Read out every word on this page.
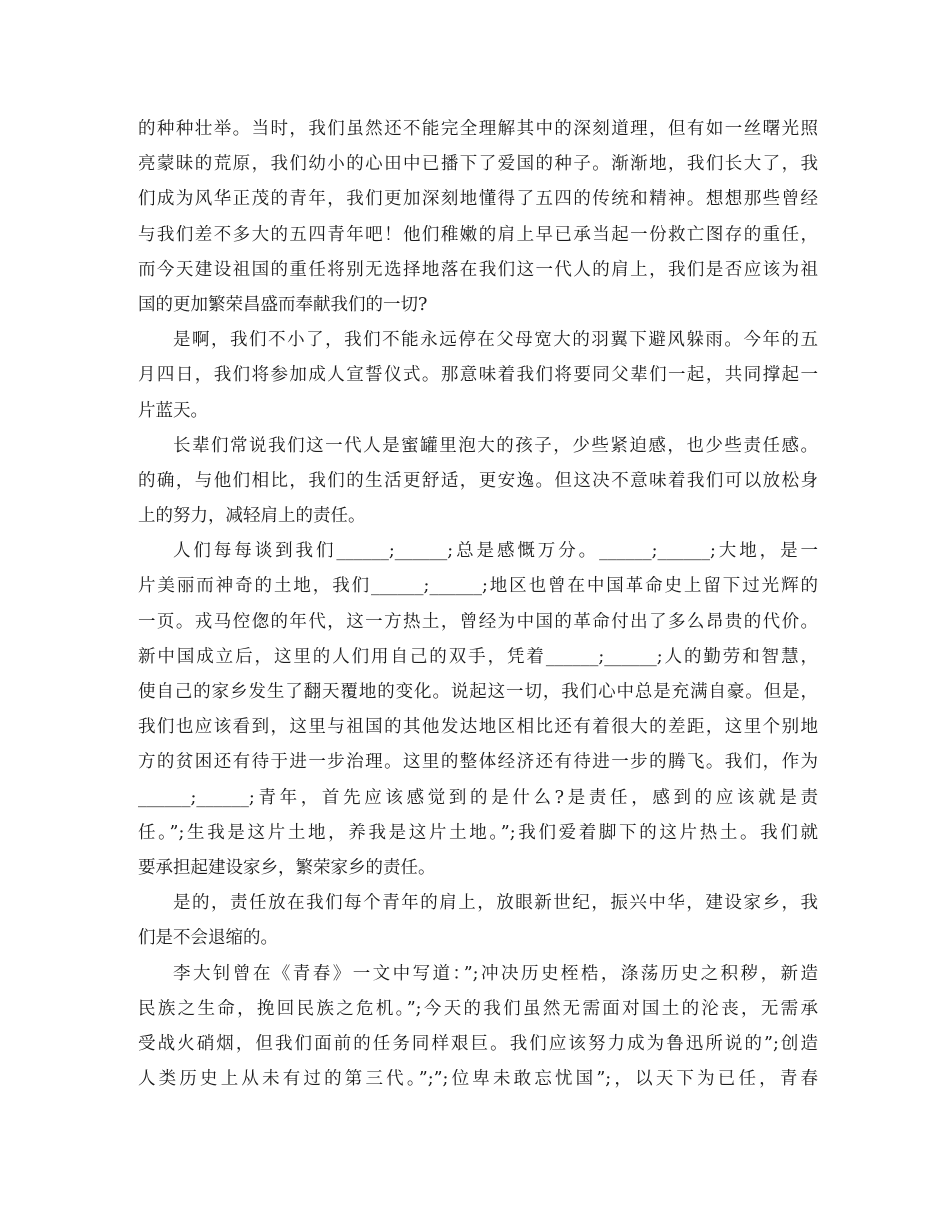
的种种壮举。当时，我们虽然还不能完全理解其中的深刻道理，但有如一丝曙光照
亮蒙昧的荒原，我们幼小的心田中已播下了爱国的种子。渐渐地，我们长大了，我
们成为风华正茂的青年，我们更加深刻地懂得了五四的传统和精神。想想那些曾经
与我们差不多大的五四青年吧！他们稚嫩的肩上早已承当起一份救亡图存的重任，
而今天建设祖国的重任将别无选择地落在我们这一代人的肩上，我们是否应该为祖
国的更加繁荣昌盛而奉献我们的一切?
是啊，我们不小了，我们不能永远停在父母宽大的羽翼下避风躲雨。今年的五
月四日，我们将参加成人宣誓仪式。那意味着我们将要同父辈们一起，共同撑起一
片蓝天。
长辈们常说我们这一代人是蜜罐里泡大的孩子，少些紧迫感，也少些责任感。
的确，与他们相比，我们的生活更舒适，更安逸。但这决不意味着我们可以放松身
上的努力，减轻肩上的责任。
人们每每谈到我们______;______;总是感慨万分。______;______;大地，是一
片美丽而神奇的土地，我们______;______;地区也曾在中国革命史上留下过光辉的
一页。戎马倥偬的年代，这一方热土，曾经为中国的革命付出了多么昂贵的代价。
新中国成立后，这里的人们用自己的双手，凭着______;______;人的勤劳和智慧，
使自己的家乡发生了翻天覆地的变化。说起这一切，我们心中总是充满自豪。但是，
我们也应该看到，这里与祖国的其他发达地区相比还有着很大的差距，这里个别地
方的贫困还有待于进一步治理。这里的整体经济还有待进一步的腾飞。我们，作为
______;______;青年，首先应该感觉到的是什么?是责任，感到的应该就是责
任。”;生我是这片土地，养我是这片土地。”;我们爱着脚下的这片热土。我们就
要承担起建设家乡，繁荣家乡的责任。
是的，责任放在我们每个青年的肩上，放眼新世纪，振兴中华，建设家乡，我
们是不会退缩的。
李大钊曾在《青春》一文中写道：”;冲决历史桎梏，涤荡历史之积秽，新造
民族之生命，挽回民族之危机。”;今天的我们虽然无需面对国土的沦丧，无需承
受战火硝烟，但我们面前的任务同样艰巨。我们应该努力成为鲁迅所说的”;创造
人类历史上从未有过的第三代。”;”;位卑未敢忘忧国”;，以天下为已任，青春
